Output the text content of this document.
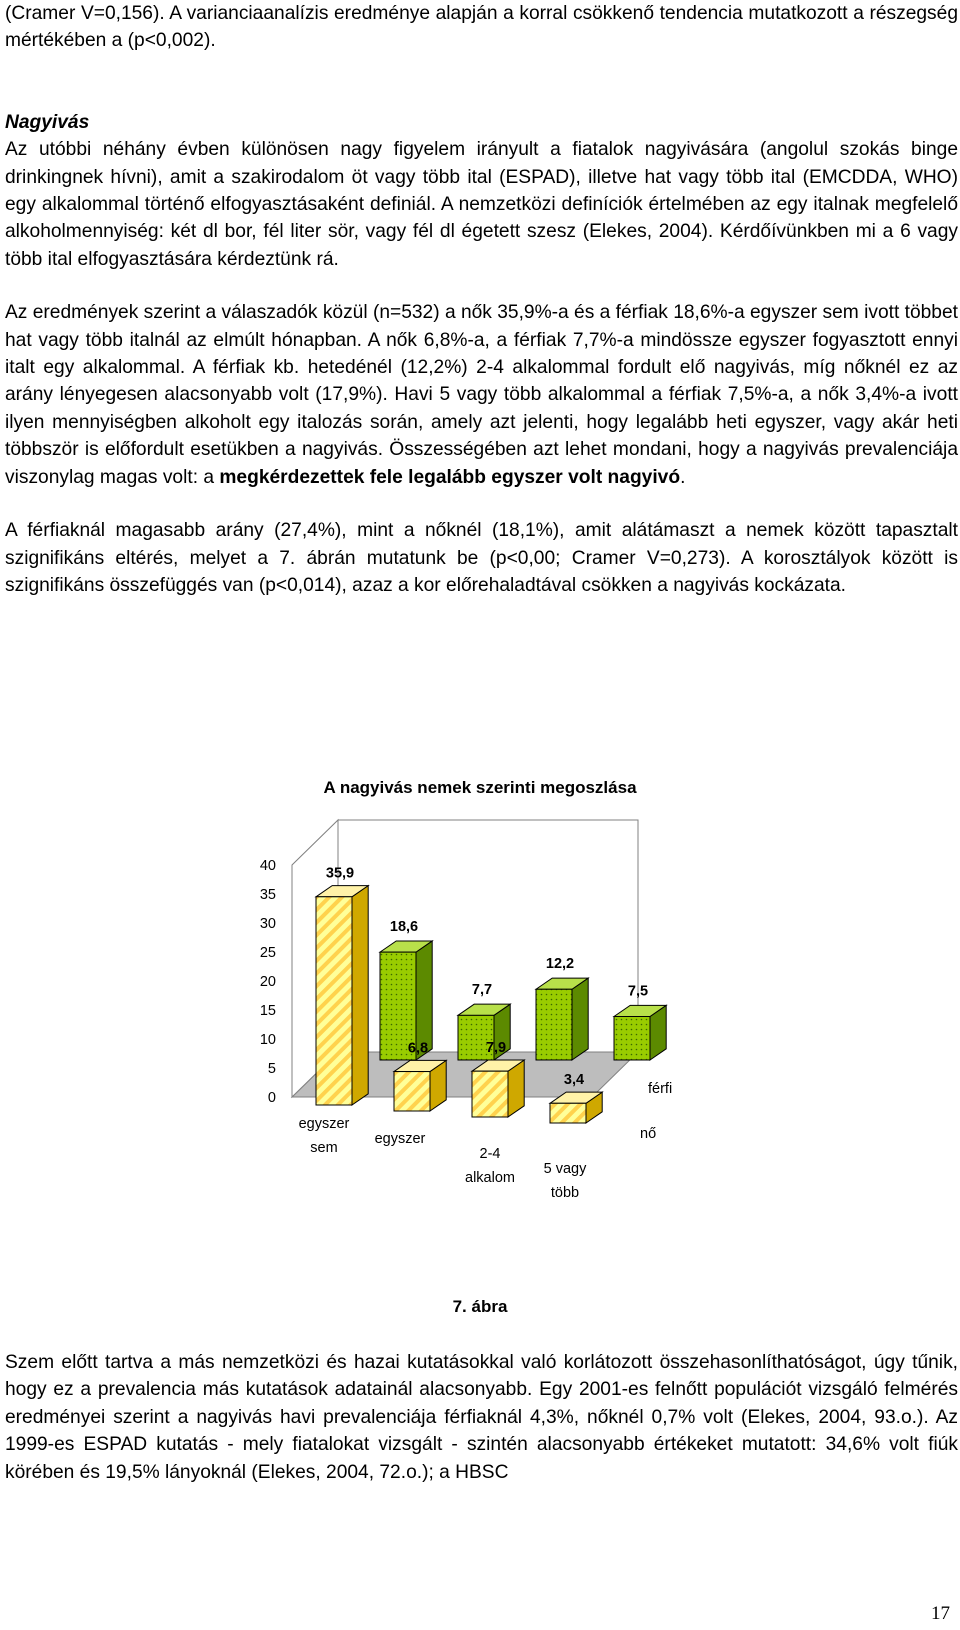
(Cramer V=0,156). A varianciaanalízis eredménye alapján a korral csökkenő tendencia mutatkozott a részegség mértékében a (p<0,002).

Nagyivás

Az utóbbi néhány évben különösen nagy figyelem irányult a fiatalok nagyivására (angolul szokás binge drinkingnek hívni), amit a szakirodalom öt vagy több ital (ESPAD), illetve hat vagy több ital (EMCDDA, WHO) egy alkalommal történő elfogyasztásaként definiál. A nemzetközi definíciók értelmében az egy italnak megfelelő alkoholmennyiség: két dl bor, fél liter sör, vagy fél dl égetett szesz (Elekes, 2004). Kérdőívünkben mi a 6 vagy több ital elfogyasztására kérdeztünk rá.

Az eredmények szerint a válaszadók közül (n=532) a nők 35,9%-a és a férfiak 18,6%-a egyszer sem ivott többet hat vagy több italnál az elmúlt hónapban. A nők 6,8%-a, a férfiak 7,7%-a mindössze egyszer fogyasztott ennyi italt egy alkalommal. A férfiak kb. hetedénél (12,2%) 2-4 alkalommal fordult elő nagyivás, míg nőknél ez az arány lényegesen alacsonyabb volt (17,9%). Havi 5 vagy több alkalommal a férfiak 7,5%-a, a nők 3,4%-a ivott ilyen mennyiségben alkoholt egy italozás során, amely azt jelenti, hogy legalább heti egyszer, vagy akár heti többször is előfordult esetükben a nagyivás. Összességében azt lehet mondani, hogy a nagyivás prevalenciája viszonylag magas volt: a megkérdezettek fele legalább egyszer volt nagyivó.

A férfiaknál magasabb arány (27,4%), mint a nőknél (18,1%), amit alátámaszt a nemek között tapasztalt szignifikáns eltérés, melyet a 7. ábrán mutatunk be (p<0,00; Cramer V=0,273). A korosztályok között is szignifikáns összefüggés van (p<0,014), azaz a kor előrehaladtával csökken a nagyivás kockázata.

A nagyivás nemek szerinti megoszlása
0
5
10
15
20
25
30
35
40
18,6
7,7
12,2
7,5
35,9
6,8	7,9
3,4
egyszer
sem
egyszer
2-4
alkalom
5 vagy
több
nő
férfi
7. ábra

Szem előtt tartva a más nemzetközi és hazai kutatásokkal való korlátozott összehasonlíthatóságot, úgy tűnik, hogy ez a prevalencia más kutatások adatainál alacsonyabb. Egy 2001-es felnőtt populációt vizsgáló felmérés eredményei szerint a nagyivás havi prevalenciája férfiaknál 4,3%, nőknél 0,7% volt (Elekes, 2004, 93.o.). Az 1999-es ESPAD kutatás - mely fiatalokat vizsgált - szintén alacsonyabb értékeket mutatott: 34,6% volt fiúk körében és 19,5% lányoknál (Elekes, 2004, 72.o.); a HBSC

17
